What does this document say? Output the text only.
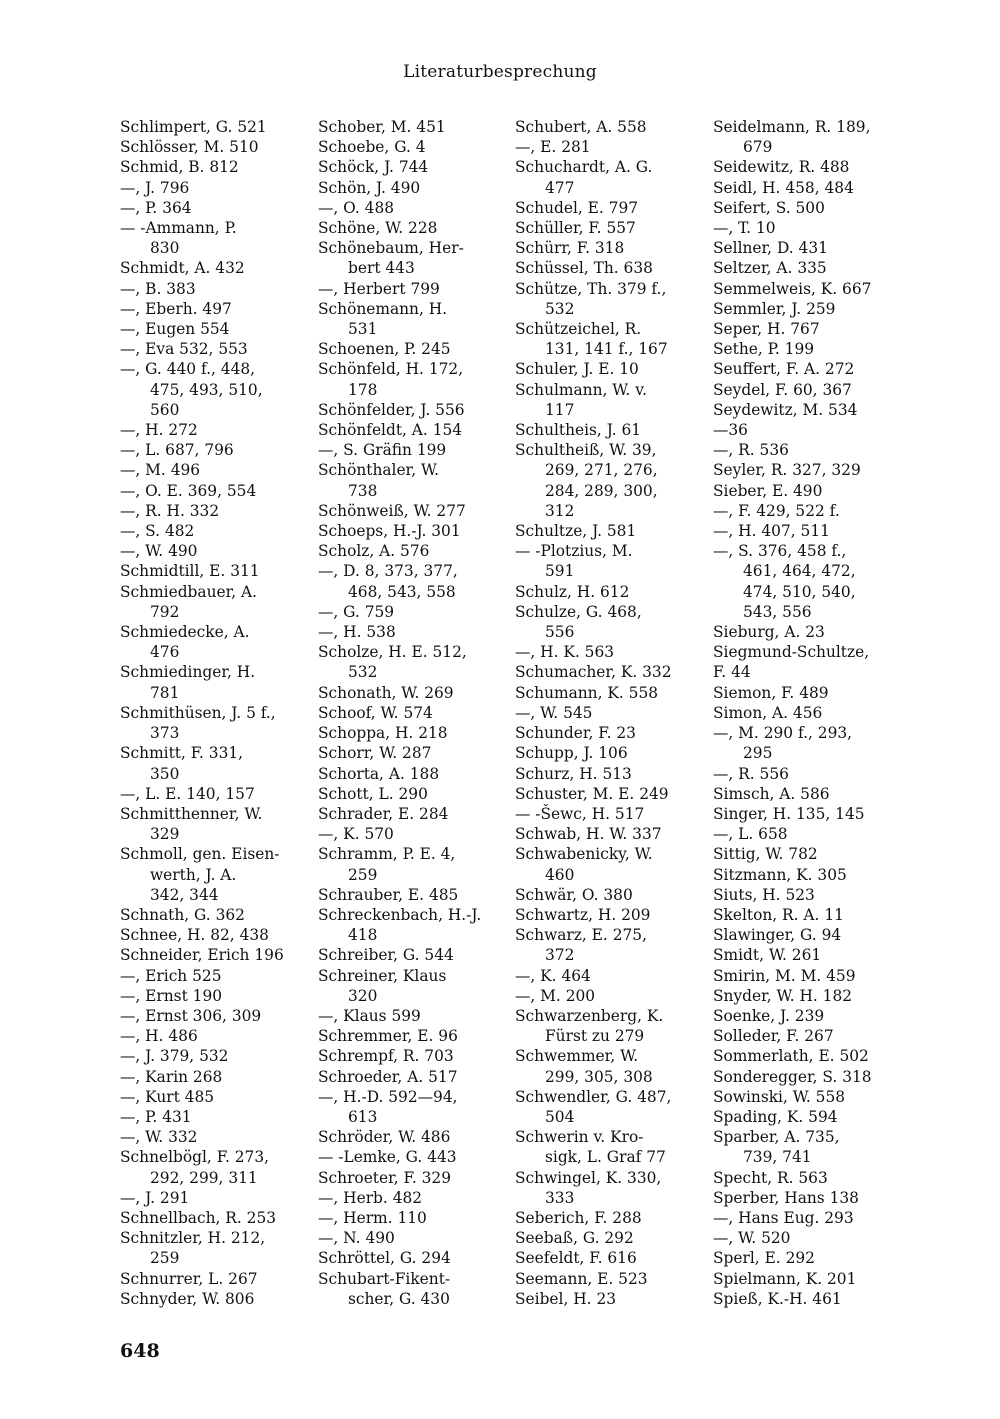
Literaturbesprechung
Schlimpert, G. 521
Schlösser, M. 510
Schmid, B. 812
—, J. 796
—, P. 364
— -Ammann, P.
830
Schmidt, A. 432
—, B. 383
—, Eberh. 497
—, Eugen 554
—, Eva 532, 553
—, G. 440 f., 448,
475, 493, 510,
560
—, H. 272
—, L. 687, 796
—, M. 496
—, O. E. 369, 554
—, R. H. 332
—, S. 482
—, W. 490
Schmidtill, E. 311
Schmiedbauer, A.
792
Schmiedecke, A.
476
Schmiedinger, H.
781
Schmithüsen, J. 5 f.,
373
Schmitt, F. 331,
350
—, L. E. 140, 157
Schmitthenner, W.
329
Schmoll, gen. Eisen-
werth, J. A.
342, 344
Schnath, G. 362
Schnee, H. 82, 438
Schneider, Erich 196
—, Erich 525
—, Ernst 190
—, Ernst 306, 309
—, H. 486
—, J. 379, 532
—, Karin 268
—, Kurt 485
—, P. 431
—, W. 332
Schnelbögl, F. 273,
292, 299, 311
—, J. 291
Schnellbach, R. 253
Schnitzler, H. 212,
259
Schnurrer, L. 267
Schnyder, W. 806
Schober, M. 451
Schoebe, G. 4
Schöck, J. 744
Schön, J. 490
—, O. 488
Schöne, W. 228
Schönebaum, Her-
bert 443
—, Herbert 799
Schönemann, H.
531
Schoenen, P. 245
Schönfeld, H. 172,
178
Schönfelder, J. 556
Schönfeldt, A. 154
—, S. Gräfin 199
Schönthaler, W.
738
Schönweiß, W. 277
Schoeps, H.-J. 301
Scholz, A. 576
—, D. 8, 373, 377,
468, 543, 558
—, G. 759
—, H. 538
Scholze, H. E. 512,
532
Schonath, W. 269
Schoof, W. 574
Schoppa, H. 218
Schorr, W. 287
Schorta, A. 188
Schott, L. 290
Schrader, E. 284
—, K. 570
Schramm, P. E. 4,
259
Schrauber, E. 485
Schreckenbach, H.-J.
418
Schreiber, G. 544
Schreiner, Klaus
320
—, Klaus 599
Schremmer, E. 96
Schrempf, R. 703
Schroeder, A. 517
—, H.-D. 592—94,
613
Schröder, W. 486
— -Lemke, G. 443
Schroeter, F. 329
—, Herb. 482
—, Herm. 110
—, N. 490
Schröttel, G. 294
Schubart-Fikent-
scher, G. 430
Schubert, A. 558
—, E. 281
Schuchardt, A. G.
477
Schudel, E. 797
Schüller, F. 557
Schürr, F. 318
Schüssel, Th. 638
Schütze, Th. 379 f.,
532
Schützeichel, R.
131, 141 f., 167
Schuler, J. E. 10
Schulmann, W. v.
117
Schultheis, J. 61
Schultheiß, W. 39,
269, 271, 276,
284, 289, 300,
312
Schultze, J. 581
— -Plotzius, M.
591
Schulz, H. 612
Schulze, G. 468,
556
—, H. K. 563
Schumacher, K. 332
Schumann, K. 558
—, W. 545
Schunder, F. 23
Schupp, J. 106
Schurz, H. 513
Schuster, M. E. 249
— -Šewc, H. 517
Schwab, H. W. 337
Schwabenicky, W.
460
Schwär, O. 380
Schwartz, H. 209
Schwarz, E. 275,
372
—, K. 464
—, M. 200
Schwarzenberg, K.
Fürst zu 279
Schwemmer, W.
299, 305, 308
Schwendler, G. 487,
504
Schwerin v. Kro-
sigk, L. Graf 77
Schwingel, K. 330,
333
Seberich, F. 288
Seebaß, G. 292
Seefeldt, F. 616
Seemann, E. 523
Seibel, H. 23
Seidelmann, R. 189,
679
Seidewitz, R. 488
Seidl, H. 458, 484
Seifert, S. 500
—, T. 10
Sellner, D. 431
Seltzer, A. 335
Semmelweis, K. 667
Semmler, J. 259
Seper, H. 767
Sethe, P. 199
Seuffert, F. A. 272
Seydel, F. 60, 367
Seydewitz, M. 534
—36
—, R. 536
Seyler, R. 327, 329
Sieber, E. 490
—, F. 429, 522 f.
—, H. 407, 511
—, S. 376, 458 f.,
461, 464, 472,
474, 510, 540,
543, 556
Sieburg, A. 23
Siegmund-Schultze,
F. 44
Siemon, F. 489
Simon, A. 456
—, M. 290 f., 293,
295
—, R. 556
Simsch, A. 586
Singer, H. 135, 145
—, L. 658
Sittig, W. 782
Sitzmann, K. 305
Siuts, H. 523
Skelton, R. A. 11
Slawinger, G. 94
Smidt, W. 261
Smirin, M. M. 459
Snyder, W. H. 182
Soenke, J. 239
Solleder, F. 267
Sommerlath, E. 502
Sonderegger, S. 318
Sowinski, W. 558
Spading, K. 594
Sparber, A. 735,
739, 741
Specht, R. 563
Sperber, Hans 138
—, Hans Eug. 293
—, W. 520
Sperl, E. 292
Spielmann, K. 201
Spieß, K.-H. 461
648
